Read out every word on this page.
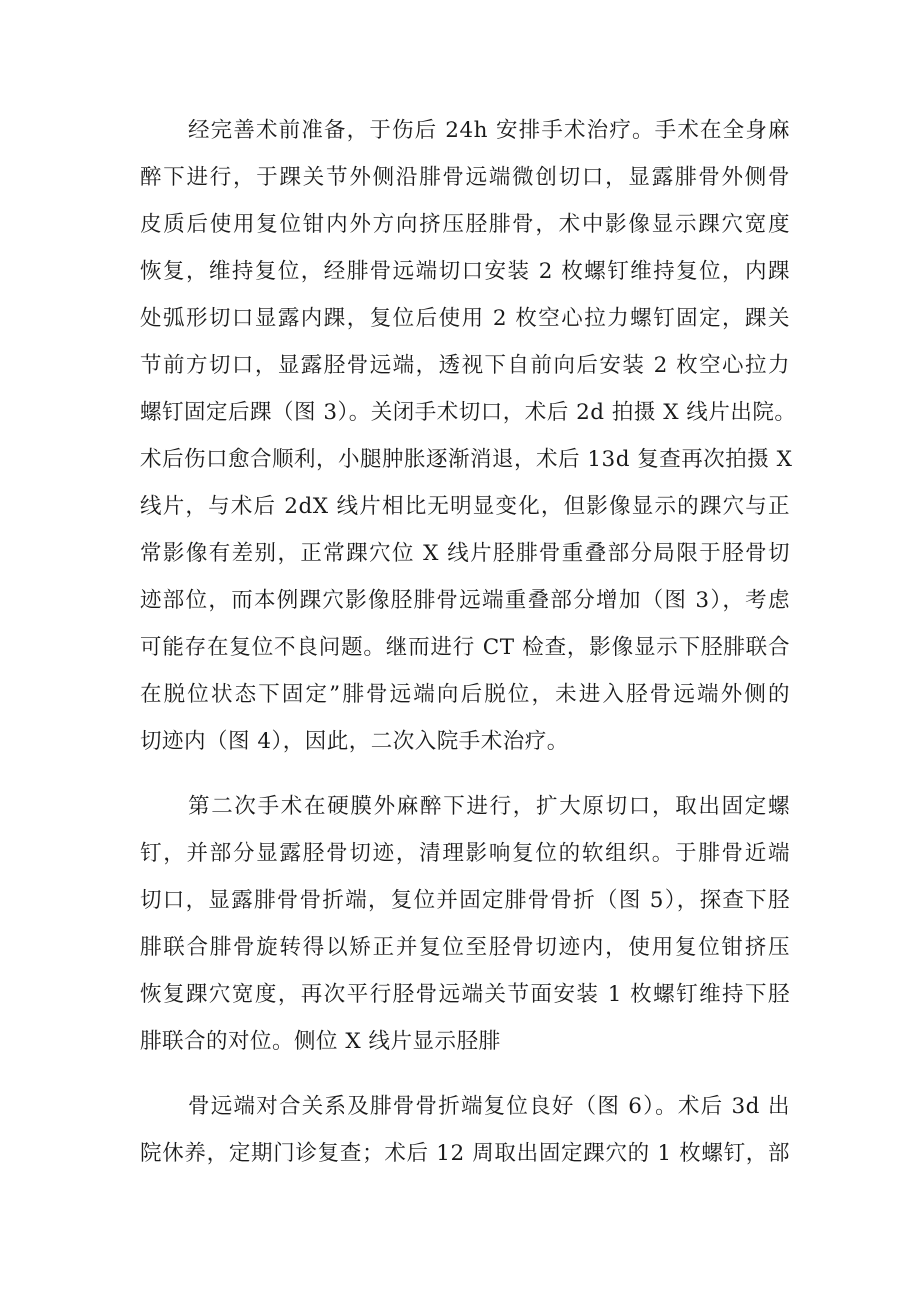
经完善术前准备，于伤后 24h 安排手术治疗。手术在全身麻
醉下进行，于踝关节外侧沿腓骨远端微创切口，显露腓骨外侧骨
皮质后使用复位钳内外方向挤压胫腓骨，术中影像显示踝穴宽度
恢复，维持复位，经腓骨远端切口安装 2 枚螺钉维持复位，内踝
处弧形切口显露内踝，复位后使用 2 枚空心拉力螺钉固定，踝关
节前方切口，显露胫骨远端，透视下自前向后安装 2 枚空心拉力
螺钉固定后踝（图 3）。关闭手术切口，术后 2d 拍摄 X 线片出院。
术后伤口愈合顺利，小腿肿胀逐渐消退，术后 13d 复查再次拍摄 X
线片，与术后 2dX 线片相比无明显变化，但影像显示的踝穴与正
常影像有差别，正常踝穴位 X 线片胫腓骨重叠部分局限于胫骨切
迹部位，而本例踝穴影像胫腓骨远端重叠部分增加（图 3），考虑
可能存在复位不良问题。继而进行 CT 检查，影像显示下胫腓联合
在脱位状态下固定”腓骨远端向后脱位，未进入胫骨远端外侧的
切迹内（图 4），因此，二次入院手术治疗。
第二次手术在硬膜外麻醉下进行，扩大原切口，取出固定螺
钉，并部分显露胫骨切迹，清理影响复位的软组织。于腓骨近端
切口，显露腓骨骨折端，复位并固定腓骨骨折（图 5），探查下胫
腓联合腓骨旋转得以矫正并复位至胫骨切迹内，使用复位钳挤压
恢复踝穴宽度，再次平行胫骨远端关节面安装 1 枚螺钉维持下胫
腓联合的对位。侧位 X 线片显示胫腓
骨远端对合关系及腓骨骨折端复位良好（图 6）。术后 3d 出
院休养，定期门诊复查；术后 12 周取出固定踝穴的 1 枚螺钉，部
